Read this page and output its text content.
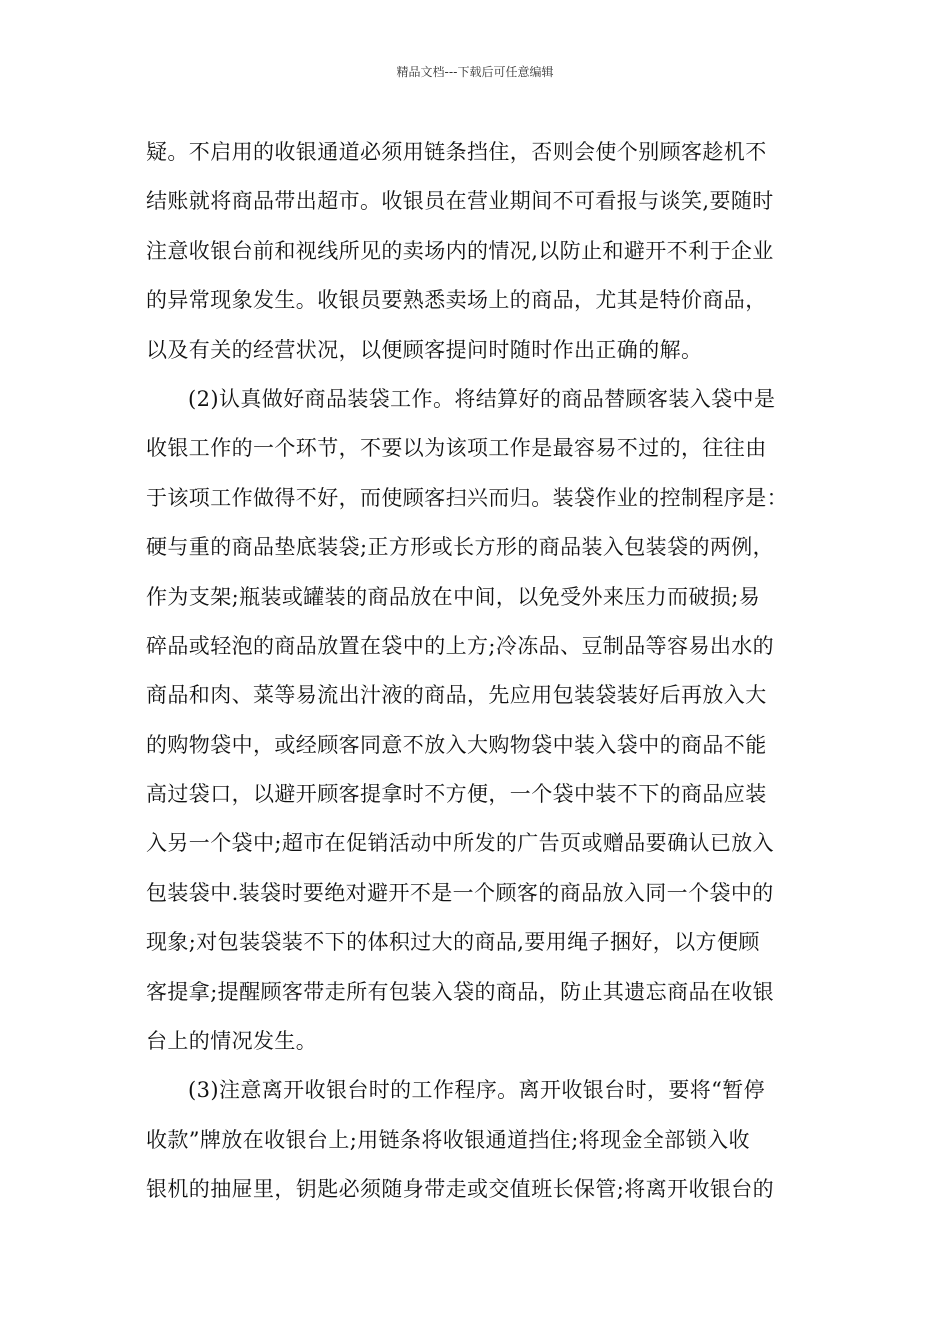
精品文档---下载后可任意编辑
疑。不启用的收银通道必须用链条挡住，否则会使个别顾客趁机不
结账就将商品带出超市。收银员在营业期间不可看报与谈笑,要随时
注意收银台前和视线所见的卖场内的情况,以防止和避开不利于企业
的异常现象发生。收银员要熟悉卖场上的商品，尤其是特价商品，
以及有关的经营状况，以便顾客提问时随时作出正确的解。
(2)认真做好商品装袋工作。将结算好的商品替顾客装入袋中是
收银工作的一个环节，不要以为该项工作是最容易不过的，往往由
于该项工作做得不好，而使顾客扫兴而归。装袋作业的控制程序是：
硬与重的商品垫底装袋;正方形或长方形的商品装入包装袋的两例，
作为支架;瓶装或罐装的商品放在中间，以免受外来压力而破损;易
碎品或轻泡的商品放置在袋中的上方;冷冻品、豆制品等容易出水的
商品和肉、菜等易流出汁液的商品，先应用包装袋装好后再放入大
的购物袋中，或经顾客同意不放入大购物袋中装入袋中的商品不能
高过袋口，以避开顾客提拿时不方便，一个袋中装不下的商品应装
入另一个袋中;超市在促销活动中所发的广告页或赠品要确认已放入
包装袋中.装袋时要绝对避开不是一个顾客的商品放入同一个袋中的
现象;对包装袋装不下的体积过大的商品,要用绳子捆好，以方便顾
客提拿;提醒顾客带走所有包装入袋的商品，防止其遗忘商品在收银
台上的情况发生。
(3)注意离开收银台时的工作程序。离开收银台时，要将“暂停
收款”牌放在收银台上;用链条将收银通道挡住;将现金全部锁入收
银机的抽屉里，钥匙必须随身带走或交值班长保管;将离开收银台的
